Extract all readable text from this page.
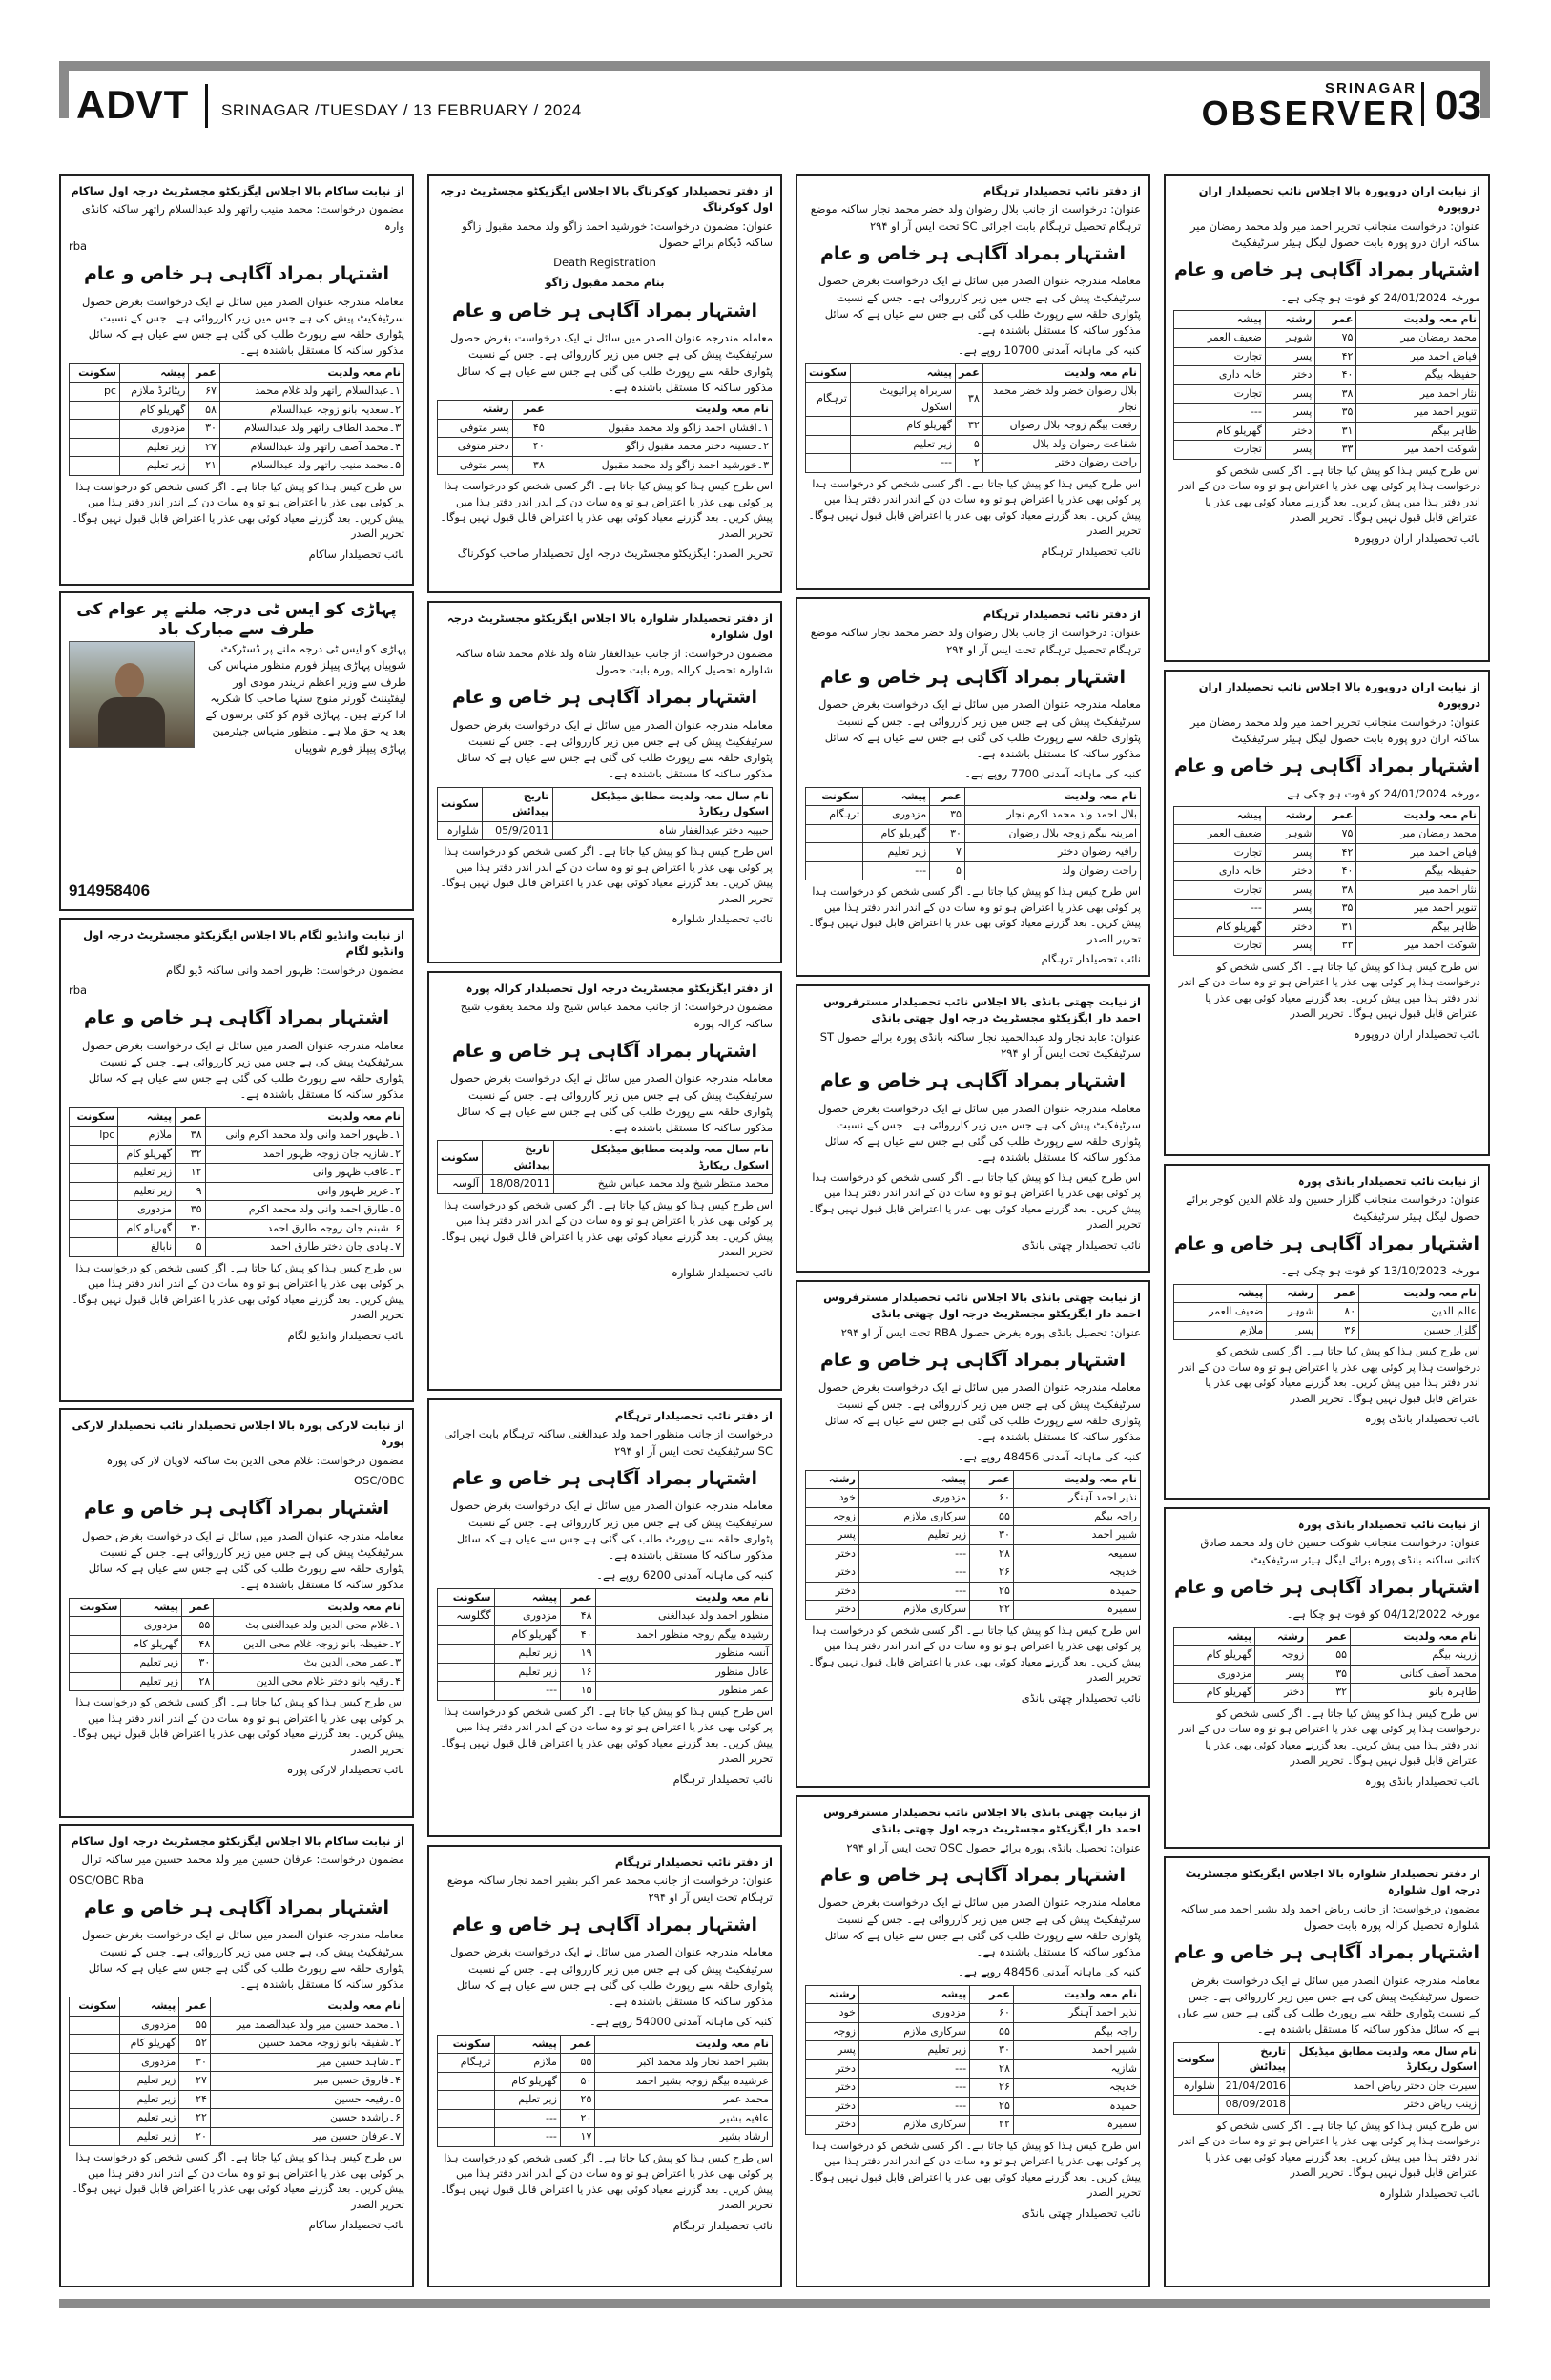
ADVT SRINAGAR /TUESDAY / 13 FEBRUARY / 2024
SRINAGAR
OBSERVER 03
از نیابت ساکام بالا اجلاس ایگزیکٹو مجسٹریٹ درجہ اول ساکام
مضمون درخواست: محمد منیب راتھر ولد عبدالسلام راتھر ساکنہ کانڈی وارہ
rba
اشتہار بمراد آگاہی ہر خاص و عام
معاملہ مندرجہ عنوان الصدر میں سائل نے ایک درخواست بغرض حصول سرٹیفکیٹ پیش کی ہے جس میں زیر کارروائی ہے۔ جس کے نسبت پٹواری حلقہ سے رپورٹ طلب کی گئی ہے جس سے عیاں ہے کہ سائل مذکور ساکنہ کا مستقل باشندہ ہے۔
نام معہ ولدیت	عمر	پیشہ	سکونت
۱۔عبدالسلام راتھر ولد غلام محمد	۶۷	ریٹائرڈ ملازم	pc
۲۔سعدیہ بانو زوجہ عبدالسلام	۵۸	گھریلو کام	
۳۔محمد الطاف راتھر ولد عبدالسلام	۳۰	مزدوری	
۴۔محمد آصف راتھر ولد عبدالسلام	۲۷	زیر تعلیم	
۵۔محمد منیب راتھر ولد عبدالسلام	۲۱	زیر تعلیم	
اس طرح کیس ہذا کو پیش کیا جاتا ہے۔ اگر کسی شخص کو درخواست ہذا پر کوئی بھی عذر یا اعتراض ہو تو وہ سات دن کے اندر اندر دفتر ہذا میں پیش کریں۔ بعد گزرنے معیاد کوئی بھی عذر یا اعتراض قابل قبول نہیں ہوگا۔ تحریر الصدر
نائب تحصیلدار ساکام
پہاڑی کو ایس ٹی درجہ ملنے پر عوام کی طرف سے مبارک باد
پہاڑی کو ایس ٹی درجہ ملنے پر ڈسٹرکٹ شوپیاں پہاڑی پیپلز فورم منظور منہاس کی طرف سے وزیر اعظم نریندر مودی اور لیفٹیننٹ گورنر منوج سنہا صاحب کا شکریہ ادا کرتے ہیں۔ پہاڑی قوم کو کئی برسوں کے بعد یہ حق ملا ہے۔ منظور منہاس چیئرمین پہاڑی پیپلز فورم شوپیاں
914958406
از نیابت وانڈیو لگام بالا اجلاس ایگزیکٹو مجسٹریٹ درجہ اول وانڈیو لگام
مضمون درخواست: ظہور احمد وانی ساکنہ ڈیو لگام
rba
اشتہار بمراد آگاہی ہر خاص و عام
معاملہ مندرجہ عنوان الصدر میں سائل نے ایک درخواست بغرض حصول سرٹیفکیٹ پیش کی ہے جس میں زیر کارروائی ہے۔ جس کے نسبت پٹواری حلقہ سے رپورٹ طلب کی گئی ہے جس سے عیاں ہے کہ سائل مذکور ساکنہ کا مستقل باشندہ ہے۔
نام معہ ولدیت	عمر	پیشہ	سکونت
۱۔ظہور احمد وانی ولد محمد اکرم وانی	۳۸	ملازم	lpc
۲۔شازیہ جان زوجہ ظہور احمد	۳۲	گھریلو کام	
۳۔عاقب ظہور وانی	۱۲	زیر تعلیم	
۴۔عزیز ظہور وانی	۹	زیر تعلیم	
۵۔طارق احمد وانی ولد محمد اکرم	۳۵	مزدوری	
۶۔شبنم جان زوجہ طارق احمد	۳۰	گھریلو کام	
۷۔ہادی جان دختر طارق احمد	۵	نابالغ	
اس طرح کیس ہذا کو پیش کیا جاتا ہے۔ اگر کسی شخص کو درخواست ہذا پر کوئی بھی عذر یا اعتراض ہو تو وہ سات دن کے اندر اندر دفتر ہذا میں پیش کریں۔ بعد گزرنے معیاد کوئی بھی عذر یا اعتراض قابل قبول نہیں ہوگا۔ تحریر الصدر
نائب تحصیلدار وانڈیو لگام
از نیابت لارکی پورہ بالا اجلاس تحصیلدار نائب تحصیلدار لارکی پورہ
مضمون درخواست: غلام محی الدین بٹ ساکنہ لاوپان لار کی پورہ
OSC/OBC
اشتہار بمراد آگاہی ہر خاص و عام
معاملہ مندرجہ عنوان الصدر میں سائل نے ایک درخواست بغرض حصول سرٹیفکیٹ پیش کی ہے جس میں زیر کارروائی ہے۔ جس کے نسبت پٹواری حلقہ سے رپورٹ طلب کی گئی ہے جس سے عیاں ہے کہ سائل مذکور ساکنہ کا مستقل باشندہ ہے۔
نام معہ ولدیت	عمر	پیشہ	سکونت
۱۔غلام محی الدین ولد عبدالغنی بٹ	۵۵	مزدوری	
۲۔حفیظہ بانو زوجہ غلام محی الدین	۴۸	گھریلو کام	
۳۔عمر محی الدین بٹ	۳۰	زیر تعلیم	
۴۔رقیہ بانو دختر غلام محی الدین	۲۸	زیر تعلیم	
اس طرح کیس ہذا کو پیش کیا جاتا ہے۔ اگر کسی شخص کو درخواست ہذا پر کوئی بھی عذر یا اعتراض ہو تو وہ سات دن کے اندر اندر دفتر ہذا میں پیش کریں۔ بعد گزرنے معیاد کوئی بھی عذر یا اعتراض قابل قبول نہیں ہوگا۔ تحریر الصدر
نائب تحصیلدار لارکی پورہ
از نیابت ساکام بالا اجلاس ایگزیکٹو مجسٹریٹ درجہ اول ساکام
مضمون درخواست: عرفان حسین میر ولد محمد حسین میر ساکنہ ترال
OSC/OBC Rba
اشتہار بمراد آگاہی ہر خاص و عام
معاملہ مندرجہ عنوان الصدر میں سائل نے ایک درخواست بغرض حصول سرٹیفکیٹ پیش کی ہے جس میں زیر کارروائی ہے۔ جس کے نسبت پٹواری حلقہ سے رپورٹ طلب کی گئی ہے جس سے عیاں ہے کہ سائل مذکور ساکنہ کا مستقل باشندہ ہے۔
نام معہ ولدیت	عمر	پیشہ	سکونت
۱۔محمد حسین میر ولد عبدالصمد میر	۵۵	مزدوری	
۲۔شفیقہ بانو زوجہ محمد حسین	۵۲	گھریلو کام	
۳۔شاہد حسین میر	۳۰	مزدوری	
۴۔فاروق حسین میر	۲۷	زیر تعلیم	
۵۔رفیعہ حسین	۲۴	زیر تعلیم	
۶۔راشدہ حسین	۲۲	زیر تعلیم	
۷۔عرفان حسین میر	۲۰	زیر تعلیم	
اس طرح کیس ہذا کو پیش کیا جاتا ہے۔ اگر کسی شخص کو درخواست ہذا پر کوئی بھی عذر یا اعتراض ہو تو وہ سات دن کے اندر اندر دفتر ہذا میں پیش کریں۔ بعد گزرنے معیاد کوئی بھی عذر یا اعتراض قابل قبول نہیں ہوگا۔ تحریر الصدر
نائب تحصیلدار ساکام
از دفتر تحصیلدار کوکرناگ بالا اجلاس ایگزیکٹو مجسٹریٹ درجہ اول کوکرناگ
عنوان: مضمون درخواست: خورشید احمد زاگو ولد محمد مقبول زاگو ساکنہ ڈیگام برائے حصول
Death Registration
بنام محمد مقبول زاگو
اشتہار بمراد آگاہی ہر خاص و عام
معاملہ مندرجہ عنوان الصدر میں سائل نے ایک درخواست بغرض حصول سرٹیفکیٹ پیش کی ہے جس میں زیر کارروائی ہے۔ جس کے نسبت پٹواری حلقہ سے رپورٹ طلب کی گئی ہے جس سے عیاں ہے کہ سائل مذکور ساکنہ کا مستقل باشندہ ہے۔
نام معہ ولدیت	عمر	رشتہ
۱۔افشاں احمد زاگو ولد محمد مقبول	۴۵	پسر متوفی
۲۔حسینہ دختر محمد مقبول زاگو	۴۰	دختر متوفی
۳۔خورشید احمد زاگو ولد محمد مقبول	۳۸	پسر متوفی
اس طرح کیس ہذا کو پیش کیا جاتا ہے۔ اگر کسی شخص کو درخواست ہذا پر کوئی بھی عذر یا اعتراض ہو تو وہ سات دن کے اندر اندر دفتر ہذا میں پیش کریں۔ بعد گزرنے معیاد کوئی بھی عذر یا اعتراض قابل قبول نہیں ہوگا۔ تحریر الصدر
تحریر الصدر: ایگزیکٹو مجسٹریٹ درجہ اول تحصیلدار صاحب کوکرناگ
از دفتر تحصیلدار شلوارہ بالا اجلاس ایگزیکٹو مجسٹریٹ درجہ اول شلوارہ
مضمون درخواست: از جانب عبدالغفار شاہ ولد غلام محمد شاہ ساکنہ شلوارہ تحصیل کرالہ پورہ بابت حصول
اشتہار بمراد آگاہی ہر خاص و عام
معاملہ مندرجہ عنوان الصدر میں سائل نے ایک درخواست بغرض حصول سرٹیفکیٹ پیش کی ہے جس میں زیر کارروائی ہے۔ جس کے نسبت پٹواری حلقہ سے رپورٹ طلب کی گئی ہے جس سے عیاں ہے کہ سائل مذکور ساکنہ کا مستقل باشندہ ہے۔
نام سال معہ ولدیت مطابق میڈیکل اسکول ریکارڈ	تاریخ پیدائش	سکونت
حبیبہ دختر عبدالغفار شاہ	05/9/2011	شلوارہ
اس طرح کیس ہذا کو پیش کیا جاتا ہے۔ اگر کسی شخص کو درخواست ہذا پر کوئی بھی عذر یا اعتراض ہو تو وہ سات دن کے اندر اندر دفتر ہذا میں پیش کریں۔ بعد گزرنے معیاد کوئی بھی عذر یا اعتراض قابل قبول نہیں ہوگا۔ تحریر الصدر
نائب تحصیلدار شلوارہ
از دفتر ایگزیکٹو مجسٹریٹ درجہ اول تحصیلدار کرالہ پورہ
مضمون درخواست: از جانب محمد عباس شیخ ولد محمد یعقوب شیخ ساکنہ کرالہ پورہ
اشتہار بمراد آگاہی ہر خاص و عام
معاملہ مندرجہ عنوان الصدر میں سائل نے ایک درخواست بغرض حصول سرٹیفکیٹ پیش کی ہے جس میں زیر کارروائی ہے۔ جس کے نسبت پٹواری حلقہ سے رپورٹ طلب کی گئی ہے جس سے عیاں ہے کہ سائل مذکور ساکنہ کا مستقل باشندہ ہے۔
نام سال معہ ولدیت مطابق میڈیکل اسکول ریکارڈ	تاریخ پیدائش	سکونت
محمد منتظر شیخ ولد محمد عباس شیخ	18/08/2011	آلوسہ
اس طرح کیس ہذا کو پیش کیا جاتا ہے۔ اگر کسی شخص کو درخواست ہذا پر کوئی بھی عذر یا اعتراض ہو تو وہ سات دن کے اندر اندر دفتر ہذا میں پیش کریں۔ بعد گزرنے معیاد کوئی بھی عذر یا اعتراض قابل قبول نہیں ہوگا۔ تحریر الصدر
نائب تحصیلدار شلوارہ
از دفتر نائب تحصیلدار ترہگام
درخواست از جانب منظور احمد ولد عبدالغنی ساکنہ ترہگام بابت اجرائی SC سرٹیفکیٹ تحت ایس آر او ۲۹۴
اشتہار بمراد آگاہی ہر خاص و عام
معاملہ مندرجہ عنوان الصدر میں سائل نے ایک درخواست بغرض حصول سرٹیفکیٹ پیش کی ہے جس میں زیر کارروائی ہے۔ جس کے نسبت پٹواری حلقہ سے رپورٹ طلب کی گئی ہے جس سے عیاں ہے کہ سائل مذکور ساکنہ کا مستقل باشندہ ہے۔
کنبہ کی ماہانہ آمدنی 6200 روپے ہے۔
نام معہ ولدیت	عمر	پیشہ	سکونت
منظور احمد ولد عبدالغنی	۴۸	مزدوری	گگلوسہ
رشیدہ بیگم زوجہ منظور احمد	۴۰	گھریلو کام	
آنسہ منظور	۱۹	زیر تعلیم	
عادل منظور	۱۶	زیر تعلیم	
عمر منظور	۱۵	---	
اس طرح کیس ہذا کو پیش کیا جاتا ہے۔ اگر کسی شخص کو درخواست ہذا پر کوئی بھی عذر یا اعتراض ہو تو وہ سات دن کے اندر اندر دفتر ہذا میں پیش کریں۔ بعد گزرنے معیاد کوئی بھی عذر یا اعتراض قابل قبول نہیں ہوگا۔ تحریر الصدر
نائب تحصیلدار ترہگام
از دفتر نائب تحصیلدار ترہگام
عنوان: درخواست از جانب محمد عمر اکبر بشیر احمد نجار ساکنہ موضع ترہگام تحت ایس آر او ۲۹۴
اشتہار بمراد آگاہی ہر خاص و عام
معاملہ مندرجہ عنوان الصدر میں سائل نے ایک درخواست بغرض حصول سرٹیفکیٹ پیش کی ہے جس میں زیر کارروائی ہے۔ جس کے نسبت پٹواری حلقہ سے رپورٹ طلب کی گئی ہے جس سے عیاں ہے کہ سائل مذکور ساکنہ کا مستقل باشندہ ہے۔
کنبہ کی ماہانہ آمدنی 54000 روپے ہے۔
نام معہ ولدیت	عمر	پیشہ	سکونت
بشیر احمد نجار ولد محمد اکبر	۵۵	ملازم	ترہگام
عرشیدہ بیگم زوجہ بشیر احمد	۵۰	گھریلو کام	
محمد عمر	۲۵	زیر تعلیم	
عافیہ بشیر	۲۰	---	
ارشاد بشیر	۱۷	---	
اس طرح کیس ہذا کو پیش کیا جاتا ہے۔ اگر کسی شخص کو درخواست ہذا پر کوئی بھی عذر یا اعتراض ہو تو وہ سات دن کے اندر اندر دفتر ہذا میں پیش کریں۔ بعد گزرنے معیاد کوئی بھی عذر یا اعتراض قابل قبول نہیں ہوگا۔ تحریر الصدر
نائب تحصیلدار ترہگام
از دفتر نائب تحصیلدار ترہگام
عنوان: درخواست از جانب بلال رضوان ولد خضر محمد نجار ساکنہ موضع ترہگام تحصیل ترہگام بابت اجرائی SC تحت ایس آر او ۲۹۴
اشتہار بمراد آگاہی ہر خاص و عام
معاملہ مندرجہ عنوان الصدر میں سائل نے ایک درخواست بغرض حصول سرٹیفکیٹ پیش کی ہے جس میں زیر کارروائی ہے۔ جس کے نسبت پٹواری حلقہ سے رپورٹ طلب کی گئی ہے جس سے عیاں ہے کہ سائل مذکور ساکنہ کا مستقل باشندہ ہے۔
کنبہ کی ماہانہ آمدنی 10700 روپے ہے۔
نام معہ ولدیت	عمر	پیشہ	سکونت
بلال رضوان خضر ولد خضر محمد نجار	۳۸	سربراہ پرائیویٹ اسکول	ترہگام
رفعت بیگم زوجہ بلال رضوان	۳۲	گھریلو کام	
شفاعت رضوان ولد بلال	۵	زیر تعلیم	
راحت رضوان دختر	۲	---	
اس طرح کیس ہذا کو پیش کیا جاتا ہے۔ اگر کسی شخص کو درخواست ہذا پر کوئی بھی عذر یا اعتراض ہو تو وہ سات دن کے اندر اندر دفتر ہذا میں پیش کریں۔ بعد گزرنے معیاد کوئی بھی عذر یا اعتراض قابل قبول نہیں ہوگا۔ تحریر الصدر
نائب تحصیلدار ترہگام
از دفتر نائب تحصیلدار ترہگام
عنوان: درخواست از جانب بلال رضوان ولد خضر محمد نجار ساکنہ موضع ترہگام تحصیل ترہگام تحت ایس آر او ۲۹۴
اشتہار بمراد آگاہی ہر خاص و عام
معاملہ مندرجہ عنوان الصدر میں سائل نے ایک درخواست بغرض حصول سرٹیفکیٹ پیش کی ہے جس میں زیر کارروائی ہے۔ جس کے نسبت پٹواری حلقہ سے رپورٹ طلب کی گئی ہے جس سے عیاں ہے کہ سائل مذکور ساکنہ کا مستقل باشندہ ہے۔
کنبہ کی ماہانہ آمدنی 7700 روپے ہے۔
نام معہ ولدیت	عمر	پیشہ	سکونت
بلال احمد ولد محمد اکرم نجار	۳۵	مزدوری	ترہگام
امرینہ بیگم زوجہ بلال رضوان	۳۰	گھریلو کام	
رافیہ رضوان دختر	۷	زیر تعلیم	
راحت رضوان ولد	۵	---	
اس طرح کیس ہذا کو پیش کیا جاتا ہے۔ اگر کسی شخص کو درخواست ہذا پر کوئی بھی عذر یا اعتراض ہو تو وہ سات دن کے اندر اندر دفتر ہذا میں پیش کریں۔ بعد گزرنے معیاد کوئی بھی عذر یا اعتراض قابل قبول نہیں ہوگا۔ تحریر الصدر
نائب تحصیلدار ترہگام
از نیابت چھتی بانڈی بالا اجلاس نائب تحصیلدار مسترفروس احمد دار ایگزیکٹو مجسٹریٹ درجہ اول چھتی بانڈی
عنوان: عابد نجار ولد عبدالحمید نجار ساکنہ بانڈی پورہ برائے حصول ST سرٹیفکیٹ تحت ایس آر او ۲۹۴
اشتہار بمراد آگاہی ہر خاص و عام
معاملہ مندرجہ عنوان الصدر میں سائل نے ایک درخواست بغرض حصول سرٹیفکیٹ پیش کی ہے جس میں زیر کارروائی ہے۔ جس کے نسبت پٹواری حلقہ سے رپورٹ طلب کی گئی ہے جس سے عیاں ہے کہ سائل مذکور ساکنہ کا مستقل باشندہ ہے۔
اس طرح کیس ہذا کو پیش کیا جاتا ہے۔ اگر کسی شخص کو درخواست ہذا پر کوئی بھی عذر یا اعتراض ہو تو وہ سات دن کے اندر اندر دفتر ہذا میں پیش کریں۔ بعد گزرنے معیاد کوئی بھی عذر یا اعتراض قابل قبول نہیں ہوگا۔ تحریر الصدر
نائب تحصیلدار چھتی بانڈی
از نیابت چھتی بانڈی بالا اجلاس نائب تحصیلدار مسترفروس احمد دار ایگزیکٹو مجسٹریٹ درجہ اول چھتی بانڈی
عنوان: تحصیل بانڈی پورہ بغرض حصول RBA تحت ایس آر او ۲۹۴
اشتہار بمراد آگاہی ہر خاص و عام
معاملہ مندرجہ عنوان الصدر میں سائل نے ایک درخواست بغرض حصول سرٹیفکیٹ پیش کی ہے جس میں زیر کارروائی ہے۔ جس کے نسبت پٹواری حلقہ سے رپورٹ طلب کی گئی ہے جس سے عیاں ہے کہ سائل مذکور ساکنہ کا مستقل باشندہ ہے۔
کنبہ کی ماہانہ آمدنی 48456 روپے ہے۔
نام معہ ولدیت	عمر	پیشہ	رشتہ
نذیر احمد آہنگر	۶۰	مزدوری	خود
راجہ بیگم	۵۵	سرکاری ملازم	زوجہ
شبیر احمد	۳۰	زیر تعلیم	پسر
سمیعہ	۲۸	---	دختر
خدیجہ	۲۶	---	دختر
حمیدہ	۲۵	---	دختر
سمیرہ	۲۲	سرکاری ملازم	دختر
اس طرح کیس ہذا کو پیش کیا جاتا ہے۔ اگر کسی شخص کو درخواست ہذا پر کوئی بھی عذر یا اعتراض ہو تو وہ سات دن کے اندر اندر دفتر ہذا میں پیش کریں۔ بعد گزرنے معیاد کوئی بھی عذر یا اعتراض قابل قبول نہیں ہوگا۔ تحریر الصدر
نائب تحصیلدار چھتی بانڈی
از نیابت چھتی بانڈی بالا اجلاس نائب تحصیلدار مسترفروس احمد دار ایگزیکٹو مجسٹریٹ درجہ اول چھتی بانڈی
عنوان: تحصیل بانڈی پورہ برائے حصول OSC تحت ایس آر او ۲۹۴
اشتہار بمراد آگاہی ہر خاص و عام
معاملہ مندرجہ عنوان الصدر میں سائل نے ایک درخواست بغرض حصول سرٹیفکیٹ پیش کی ہے جس میں زیر کارروائی ہے۔ جس کے نسبت پٹواری حلقہ سے رپورٹ طلب کی گئی ہے جس سے عیاں ہے کہ سائل مذکور ساکنہ کا مستقل باشندہ ہے۔
کنبہ کی ماہانہ آمدنی 48456 روپے ہے۔
نام معہ ولدیت	عمر	پیشہ	رشتہ
نذیر احمد آہنگر	۶۰	مزدوری	خود
راجہ بیگم	۵۵	سرکاری ملازم	زوجہ
شبیر احمد	۳۰	زیر تعلیم	پسر
شازیہ	۲۸	---	دختر
خدیجہ	۲۶	---	دختر
حمیدہ	۲۵	---	دختر
سمیرہ	۲۲	سرکاری ملازم	دختر
اس طرح کیس ہذا کو پیش کیا جاتا ہے۔ اگر کسی شخص کو درخواست ہذا پر کوئی بھی عذر یا اعتراض ہو تو وہ سات دن کے اندر اندر دفتر ہذا میں پیش کریں۔ بعد گزرنے معیاد کوئی بھی عذر یا اعتراض قابل قبول نہیں ہوگا۔ تحریر الصدر
نائب تحصیلدار چھتی بانڈی
از نیابت اران دروپورہ بالا اجلاس نائب تحصیلدار اران دروپورہ
عنوان: درخواست منجانب تحریر احمد میر ولد محمد رمضان میر ساکنہ اران درو پورہ بابت حصول لیگل ہیئر سرٹیفکیٹ
اشتہار بمراد آگاہی ہر خاص و عام
مورخہ 24/01/2024 کو فوت ہو چکی ہے۔
نام معہ ولدیت	عمر	رشتہ	پیشہ
محمد رمضان میر	۷۵	شوہر	ضعیف العمر
فیاض احمد میر	۴۲	پسر	تجارت
حفیظہ بیگم	۴۰	دختر	خانہ داری
نثار احمد میر	۳۸	پسر	تجارت
تنویر احمد میر	۳۵	پسر	---
ظاہر بیگم	۳۱	دختر	گھریلو کام
شوکت احمد میر	۳۳	پسر	تجارت
اس طرح کیس ہذا کو پیش کیا جاتا ہے۔ اگر کسی شخص کو درخواست ہذا پر کوئی بھی عذر یا اعتراض ہو تو وہ سات دن کے اندر اندر دفتر ہذا میں پیش کریں۔ بعد گزرنے معیاد کوئی بھی عذر یا اعتراض قابل قبول نہیں ہوگا۔ تحریر الصدر
نائب تحصیلدار اران دروپورہ
از نیابت اران دروپورہ بالا اجلاس نائب تحصیلدار اران دروپورہ
عنوان: درخواست منجانب تحریر احمد میر ولد محمد رمضان میر ساکنہ اران درو پورہ بابت حصول لیگل ہیئر سرٹیفکیٹ
اشتہار بمراد آگاہی ہر خاص و عام
مورخہ 24/01/2024 کو فوت ہو چکی ہے۔
نام معہ ولدیت	عمر	رشتہ	پیشہ
محمد رمضان میر	۷۵	شوہر	ضعیف العمر
فیاض احمد میر	۴۲	پسر	تجارت
حفیظہ بیگم	۴۰	دختر	خانہ داری
نثار احمد میر	۳۸	پسر	تجارت
تنویر احمد میر	۳۵	پسر	---
ظاہر بیگم	۳۱	دختر	گھریلو کام
شوکت احمد میر	۳۳	پسر	تجارت
اس طرح کیس ہذا کو پیش کیا جاتا ہے۔ اگر کسی شخص کو درخواست ہذا پر کوئی بھی عذر یا اعتراض ہو تو وہ سات دن کے اندر اندر دفتر ہذا میں پیش کریں۔ بعد گزرنے معیاد کوئی بھی عذر یا اعتراض قابل قبول نہیں ہوگا۔ تحریر الصدر
نائب تحصیلدار اران دروپورہ
از نیابت نائب تحصیلدار بانڈی پورہ
عنوان: درخواست منجانب گلزار حسین ولد غلام الدین کوجر برائے حصول لیگل ہیئر سرٹیفکیٹ
اشتہار بمراد آگاہی ہر خاص و عام
مورخہ 13/10/2023 کو فوت ہو چکی ہے۔
نام معہ ولدیت	عمر	رشتہ	پیشہ
عالم الدین	۸۰	شوہر	ضعیف العمر
گلزار حسین	۳۶	پسر	ملازم
اس طرح کیس ہذا کو پیش کیا جاتا ہے۔ اگر کسی شخص کو درخواست ہذا پر کوئی بھی عذر یا اعتراض ہو تو وہ سات دن کے اندر اندر دفتر ہذا میں پیش کریں۔ بعد گزرنے معیاد کوئی بھی عذر یا اعتراض قابل قبول نہیں ہوگا۔ تحریر الصدر
نائب تحصیلدار بانڈی پورہ
از نیابت نائب تحصیلدار بانڈی پورہ
عنوان: درخواست منجانب شوکت حسین خان ولد محمد صادق کتانی ساکنہ بانڈی پورہ برائے لیگل ہیئر سرٹیفکیٹ
اشتہار بمراد آگاہی ہر خاص و عام
مورخہ 04/12/2022 کو فوت ہو چکا ہے۔
نام معہ ولدیت	عمر	رشتہ	پیشہ
زرینہ بیگم	۵۵	زوجہ	گھریلو کام
محمد آصف کتانی	۳۵	پسر	مزدوری
طاہرہ بانو	۳۲	دختر	گھریلو کام
اس طرح کیس ہذا کو پیش کیا جاتا ہے۔ اگر کسی شخص کو درخواست ہذا پر کوئی بھی عذر یا اعتراض ہو تو وہ سات دن کے اندر اندر دفتر ہذا میں پیش کریں۔ بعد گزرنے معیاد کوئی بھی عذر یا اعتراض قابل قبول نہیں ہوگا۔ تحریر الصدر
نائب تحصیلدار بانڈی پورہ
از دفتر تحصیلدار شلوارہ بالا اجلاس ایگزیکٹو مجسٹریٹ درجہ اول شلوارہ
مضمون درخواست: از جانب ریاض احمد ولد بشیر احمد میر ساکنہ شلوارہ تحصیل کرالہ پورہ بابت حصول
اشتہار بمراد آگاہی ہر خاص و عام
معاملہ مندرجہ عنوان الصدر میں سائل نے ایک درخواست بغرض حصول سرٹیفکیٹ پیش کی ہے جس میں زیر کارروائی ہے۔ جس کے نسبت پٹواری حلقہ سے رپورٹ طلب کی گئی ہے جس سے عیاں ہے کہ سائل مذکور ساکنہ کا مستقل باشندہ ہے۔
نام سال معہ ولدیت مطابق میڈیکل اسکول ریکارڈ	تاریخ پیدائش	سکونت
سیرت جان دختر ریاض احمد	21/04/2016	شلوارہ
زینب ریاض دختر	08/09/2018	
اس طرح کیس ہذا کو پیش کیا جاتا ہے۔ اگر کسی شخص کو درخواست ہذا پر کوئی بھی عذر یا اعتراض ہو تو وہ سات دن کے اندر اندر دفتر ہذا میں پیش کریں۔ بعد گزرنے معیاد کوئی بھی عذر یا اعتراض قابل قبول نہیں ہوگا۔ تحریر الصدر
نائب تحصیلدار شلوارہ
